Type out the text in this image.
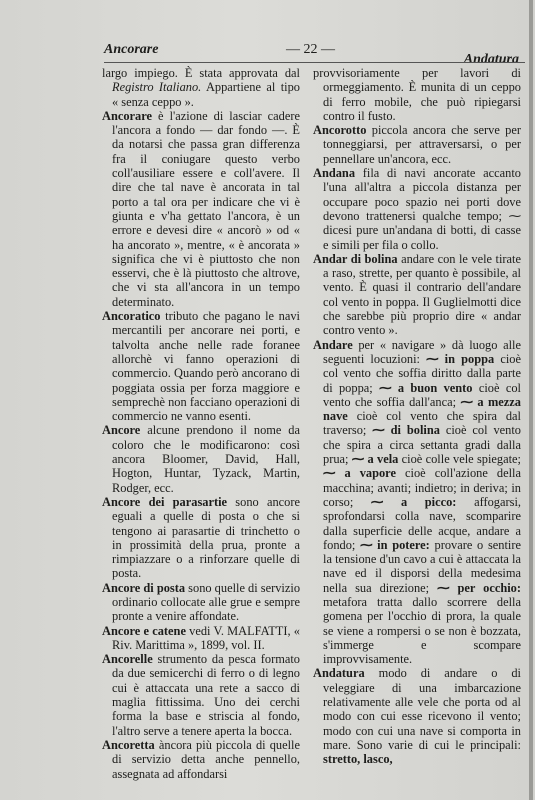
Ancorare	— 22 —
Andatura

largo impiego. È stata approvata dal Registro Italiano. Appartiene al tipo « senza ceppo ».

Ancorare è l'azione di lasciar cadere l'ancora a fondo — dar fondo —. È da notarsi che passa gran differenza fra il coniugare questo verbo coll'ausiliare essere e coll'avere. Il dire che tal nave è ancorata in tal porto a tal ora per indicare che vi è giunta e v'ha gettato l'ancora, è un errore e devesi dire « ancorò » od « ha ancorato », mentre, « è ancorata » significa che vi è piuttosto che non esservi, che è là piuttosto che altrove, che vi sta all'ancora in un tempo determinato.

Ancoratico tributo che pagano le navi mercantili per ancorare nei porti, e talvolta anche nelle rade foranee allorchè vi fanno operazioni di commercio. Quando però ancorano di poggiata ossia per forza maggiore e semprechè non facciano operazioni di commercio ne vanno esenti.

Ancore alcune prendono il nome da coloro che le modificarono: così ancora Bloomer, David, Hall, Hogton, Huntar, Tyzack, Martin, Rodger, ecc.

Ancore dei parasartie sono ancore eguali a quelle di posta o che si tengono ai parasartie di trinchetto o in prossimità della prua, pronte a rimpiazzare o a rinforzare quelle di posta.

Ancore di posta sono quelle di servizio ordinario collocate alle grue e sempre pronte a venire affondate.

Ancore e catene vedi V. MALFATTI, « Riv. Marittima », 1899, vol. II.

Ancorelle strumento da pesca formato da due semicerchi di ferro o di legno cui è attaccata una rete a sacco di maglia fittissima. Uno dei cerchi forma la base e striscia al fondo, l'altro serve a tenere aperta la bocca.

Ancoretta àncora più piccola di quelle di servizio detta anche pennello, assegnata ad affondarsi

provvisoriamente per lavori di ormeggiamento. È munita di un ceppo di ferro mobile, che può ripiegarsi contro il fusto.

Ancorotto piccola ancora che serve per tonneggiarsi, per attraversarsi, o per pennellare un'ancora, ecc.

Andana fila di navi ancorate accanto l'una all'altra a piccola distanza per occupare poco spazio nei porti dove devono trattenersi qualche tempo; ⁓ dicesi pure un'andana di botti, di casse e simili per fila o collo.

Andar di bolina andare con le vele tirate a raso, strette, per quanto è possibile, al vento. È quasi il contrario dell'andare col vento in poppa. Il Guglielmotti dice che sarebbe più proprio dire « andar contro vento ».

Andare per « navigare » dà luogo alle seguenti locuzioni: ⁓ in poppa cioè col vento che soffia diritto dalla parte di poppa; ⁓ a buon vento cioè col vento che soffia dall'anca; ⁓ a mezza nave cioè col vento che spira dal traverso; ⁓ di bolina cioè col vento che spira a circa settanta gradi dalla prua; ⁓ a vela cioè colle vele spiegate; ⁓ a vapore cioè coll'azione della macchina; avanti; indietro; in deriva; in corso; ⁓ a picco: affogarsi, sprofondarsi colla nave, scomparire dalla superficie delle acque, andare a fondo; ⁓ in potere: provare o sentire la tensione d'un cavo a cui è attaccata la nave ed il disporsi della medesima nella sua direzione; ⁓ per occhio: metafora tratta dallo scorrere della gomena per l'occhio di prora, la quale se viene a rompersi o se non è bozzata, s'immerge e scompare improvvisamente.

Andatura modo di andare o di veleggiare di una imbarcazione relativamente alle vele che porta od al modo con cui esse ricevono il vento; modo con cui una nave si comporta in mare. Sono varie di cui le principali: stretto, lasco,
